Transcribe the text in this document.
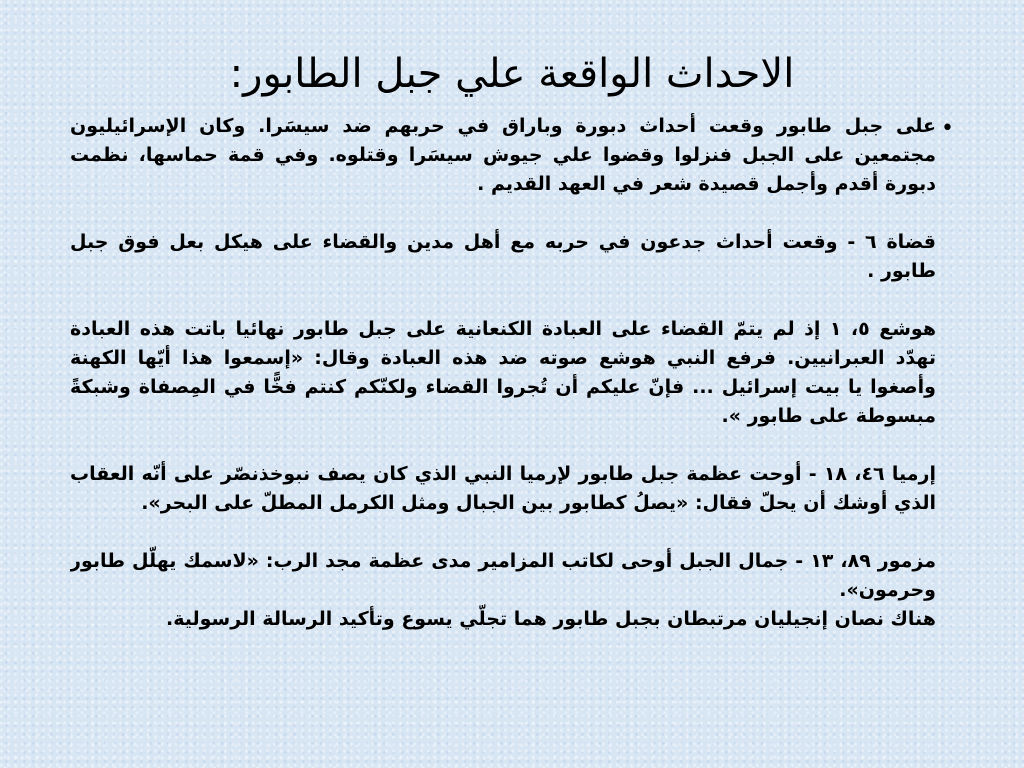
الاحداث الواقعة علي جبل الطابور:
•

على جبل طابور وقعت أحداث دبورة وباراق في حربهم ضد سيسَرا. وكان الإسرائيليون مجتمعين على الجبل فنزلوا وقضوا علي جيوش سيسَرا وقتلوه. وفي قمة حماسها، نظمت دبورة أقدم وأجمل قصيدة شعر في العهد القديم .

قضاة ٦ - وقعت أحداث جدعون في حربه مع أهل مدين والقضاء على هيكل بعل فوق جبل طابور .

هوشع ٥، ١ إذ لم يتمّ القضاء على العبادة الكنعانية على جبل طابور نهائيا باتت هذه العبادة تهدّد العبرانيين. فرفع النبي هوشع صوته ضد هذه العبادة وقال: «إسمعوا هذا أيّها الكهنة وأصغوا يا بيت إسرائيل ... فإنّ عليكم أن تُجروا القضاء ولكنّكم كنتم فخًّا في المِصفاة وشبكةً مبسوطة على طابور ».

إرميا ٤٦، ١٨ - أوحت عظمة جبل طابور لإرميا النبي الذي كان يصف نبوخذنصّر على أنّه العقاب الذي أوشك أن يحلّ فقال: «يصلُ كطابور بين الجبال ومثل الكرمل المطلّ على البحر».

مزمور ٨٩، ١٣ - جمال الجبل أوحى لكاتب المزامير مدى عظمة مجد الرب: «لاسمك يهلّل طابور وحرمون».

هناك نصان إنجيليان مرتبطان بجبل طابور هما تجلّي يسوع وتأكيد الرسالة الرسولية.
